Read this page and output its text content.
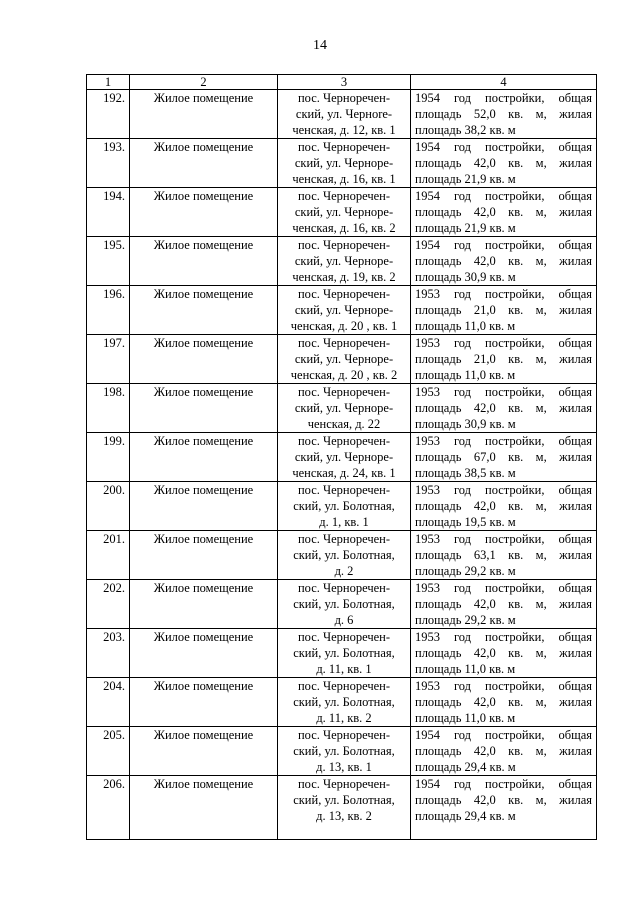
14
1	2	3	4
192.	Жилое помещение	пос. Черноречен-
ский, ул. Чернore-
ченская, д. 12, кв. 1	1954 год постройки, общая
площадь 52,0 кв. м, жилая
площадь 38,2 кв. м

193.	Жилое помещение	пос. Черноречен-
ский, ул. Черноре-
ченская, д. 16, кв. 1	1954 год постройки, общая
площадь 42,0 кв. м, жилая
площадь 21,9 кв. м

194.	Жилое помещение	пос. Черноречен-
ский, ул. Черноре-
ченская, д. 16, кв. 2	1954 год постройки, общая
площадь 42,0 кв. м, жилая
площадь 21,9 кв. м

195.	Жилое помещение	пос. Черноречен-
ский, ул. Черноре-
ченская, д. 19, кв. 2	1954 год постройки, общая
площадь 42,0 кв. м, жилая
площадь 30,9 кв. м

196.	Жилое помещение	пос. Черноречен-
ский, ул. Черноре-
ченская, д. 20 , кв. 1	1953 год постройки, общая
площадь 21,0 кв. м, жилая
площадь 11,0 кв. м

197.	Жилое помещение	пос. Черноречен-
ский, ул. Черноре-
ченская, д. 20 , кв. 2	1953 год постройки, общая
площадь 21,0 кв. м, жилая
площадь 11,0 кв. м

198.	Жилое помещение	пос. Черноречен-
ский, ул. Черноре-
ченская, д. 22	1953 год постройки, общая
площадь 42,0 кв. м, жилая
площадь 30,9 кв. м

199.	Жилое помещение	пос. Черноречен-
ский, ул. Черноре-
ченская, д. 24, кв. 1	1953 год постройки, общая
площадь 67,0 кв. м, жилая
площадь 38,5 кв. м

200.	Жилое помещение	пос. Черноречен-
ский, ул. Болотная,
д. 1, кв. 1	1953 год постройки, общая
площадь 42,0 кв. м, жилая
площадь 19,5 кв. м

201.	Жилое помещение	пос. Черноречен-
ский, ул. Болотная,
д. 2	1953 год постройки, общая
площадь 63,1 кв. м, жилая
площадь 29,2 кв. м

202.	Жилое помещение	пос. Черноречен-
ский, ул. Болотная,
д. 6	1953 год постройки, общая
площадь 42,0 кв. м, жилая
площадь 29,2 кв. м

203.	Жилое помещение	пос. Черноречен-
ский, ул. Болотная,
д. 11, кв. 1	1953 год постройки, общая
площадь 42,0 кв. м, жилая
площадь 11,0 кв. м

204.	Жилое помещение	пос. Черноречен-
ский, ул. Болотная,
д. 11, кв. 2	1953 год постройки, общая
площадь 42,0 кв. м, жилая
площадь 11,0 кв. м

205.	Жилое помещение	пос. Черноречен-
ский, ул. Болотная,
д. 13, кв. 1	1954 год постройки, общая
площадь 42,0 кв. м, жилая
площадь 29,4 кв. м

206.	Жилое помещение	пос. Черноречен-
ский, ул. Болотная,
д. 13, кв. 2	1954 год постройки, общая
площадь 42,0 кв. м, жилая
площадь 29,4 кв. м
